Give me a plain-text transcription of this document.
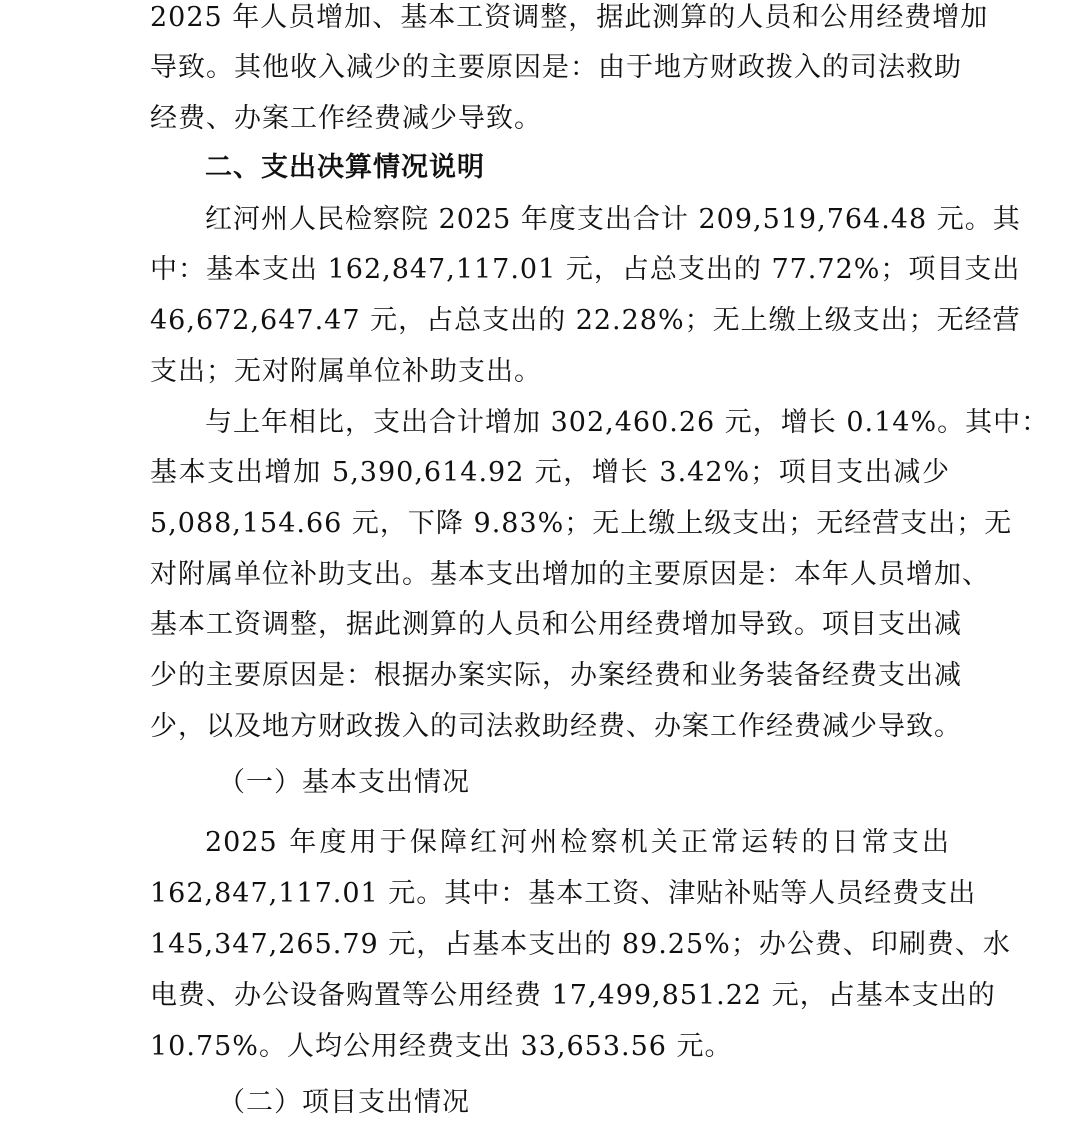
2025 年人员增加、基本工资调整，据此测算的人员和公用经费增加
导致。其他收入减少的主要原因是：由于地方财政拨入的司法救助
经费、办案工作经费减少导致。
二、支出决算情况说明
红河州人民检察院 2025 年度支出合计 209,519,764.48 元。其
中：基本支出 162,847,117.01 元，占总支出的 77.72%；项目支出
46,672,647.47 元，占总支出的 22.28%；无上缴上级支出；无经营
支出；无对附属单位补助支出。
与上年相比，支出合计增加 302,460.26 元，增长 0.14%。其中：
基本支出增加 5,390,614.92 元，增长 3.42%；项目支出减少
5,088,154.66 元，下降 9.83%；无上缴上级支出；无经营支出；无
对附属单位补助支出。基本支出增加的主要原因是：本年人员增加、
基本工资调整，据此测算的人员和公用经费增加导致。项目支出减
少的主要原因是：根据办案实际，办案经费和业务装备经费支出减
少，以及地方财政拨入的司法救助经费、办案工作经费减少导致。
（一）基本支出情况
2025 年度用于保障红河州检察机关正常运转的日常支出
162,847,117.01 元。其中：基本工资、津贴补贴等人员经费支出
145,347,265.79 元，占基本支出的 89.25%；办公费、印刷费、水
电费、办公设备购置等公用经费 17,499,851.22 元，占基本支出的
10.75%。人均公用经费支出 33,653.56 元。
（二）项目支出情况
